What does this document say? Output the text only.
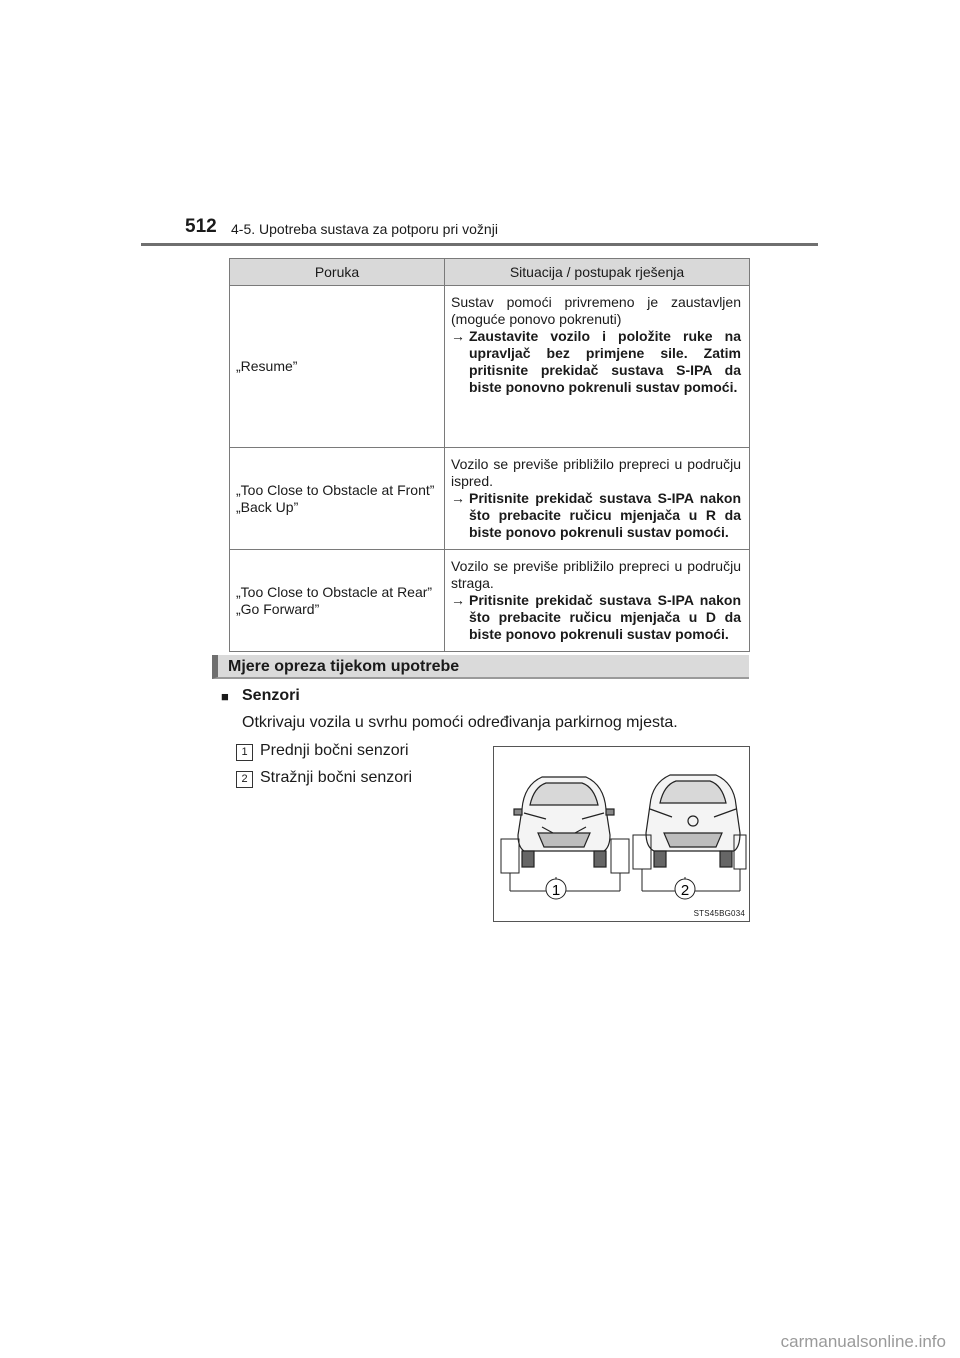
512 4-5. Upotreba sustava za potporu pri vožnji
Poruka	Situacija / postupak rješenja

„Resume”	Sustav pomoći privremeno je zaustavljen (moguće ponovo pokrenuti)
→ Zaustavite vozilo i položite ruke na upravljač bez primjene sile. Zatim pritisnite prekidač sustava S-IPA da biste ponovno pokrenuli sustav pomoći.

„Too Close to Obstacle at Front”
„Back Up”	Vozilo se previše približilo prepreci u području ispred.
→ Pritisnite prekidač sustava S-IPA nakon što prebacite ručicu mjenjača u R da biste ponovo pokrenuli sustav pomoći.

„Too Close to Obstacle at Rear”
„Go Forward”	Vozilo se previše približilo prepreci u području straga.
→ Pritisnite prekidač sustava S-IPA nakon što prebacite ručicu mjenjača u D da biste ponovo pokrenuli sustav pomoći.
Mjere opreza tijekom upotrebe
■ Senzori
Otkrivaju vozila u svrhu pomoći određivanja parkirnog mjesta.
1 Prednji bočni senzori
2 Stražnji bočni senzori
1	2
STS45BG034
carmanualsonline.info
